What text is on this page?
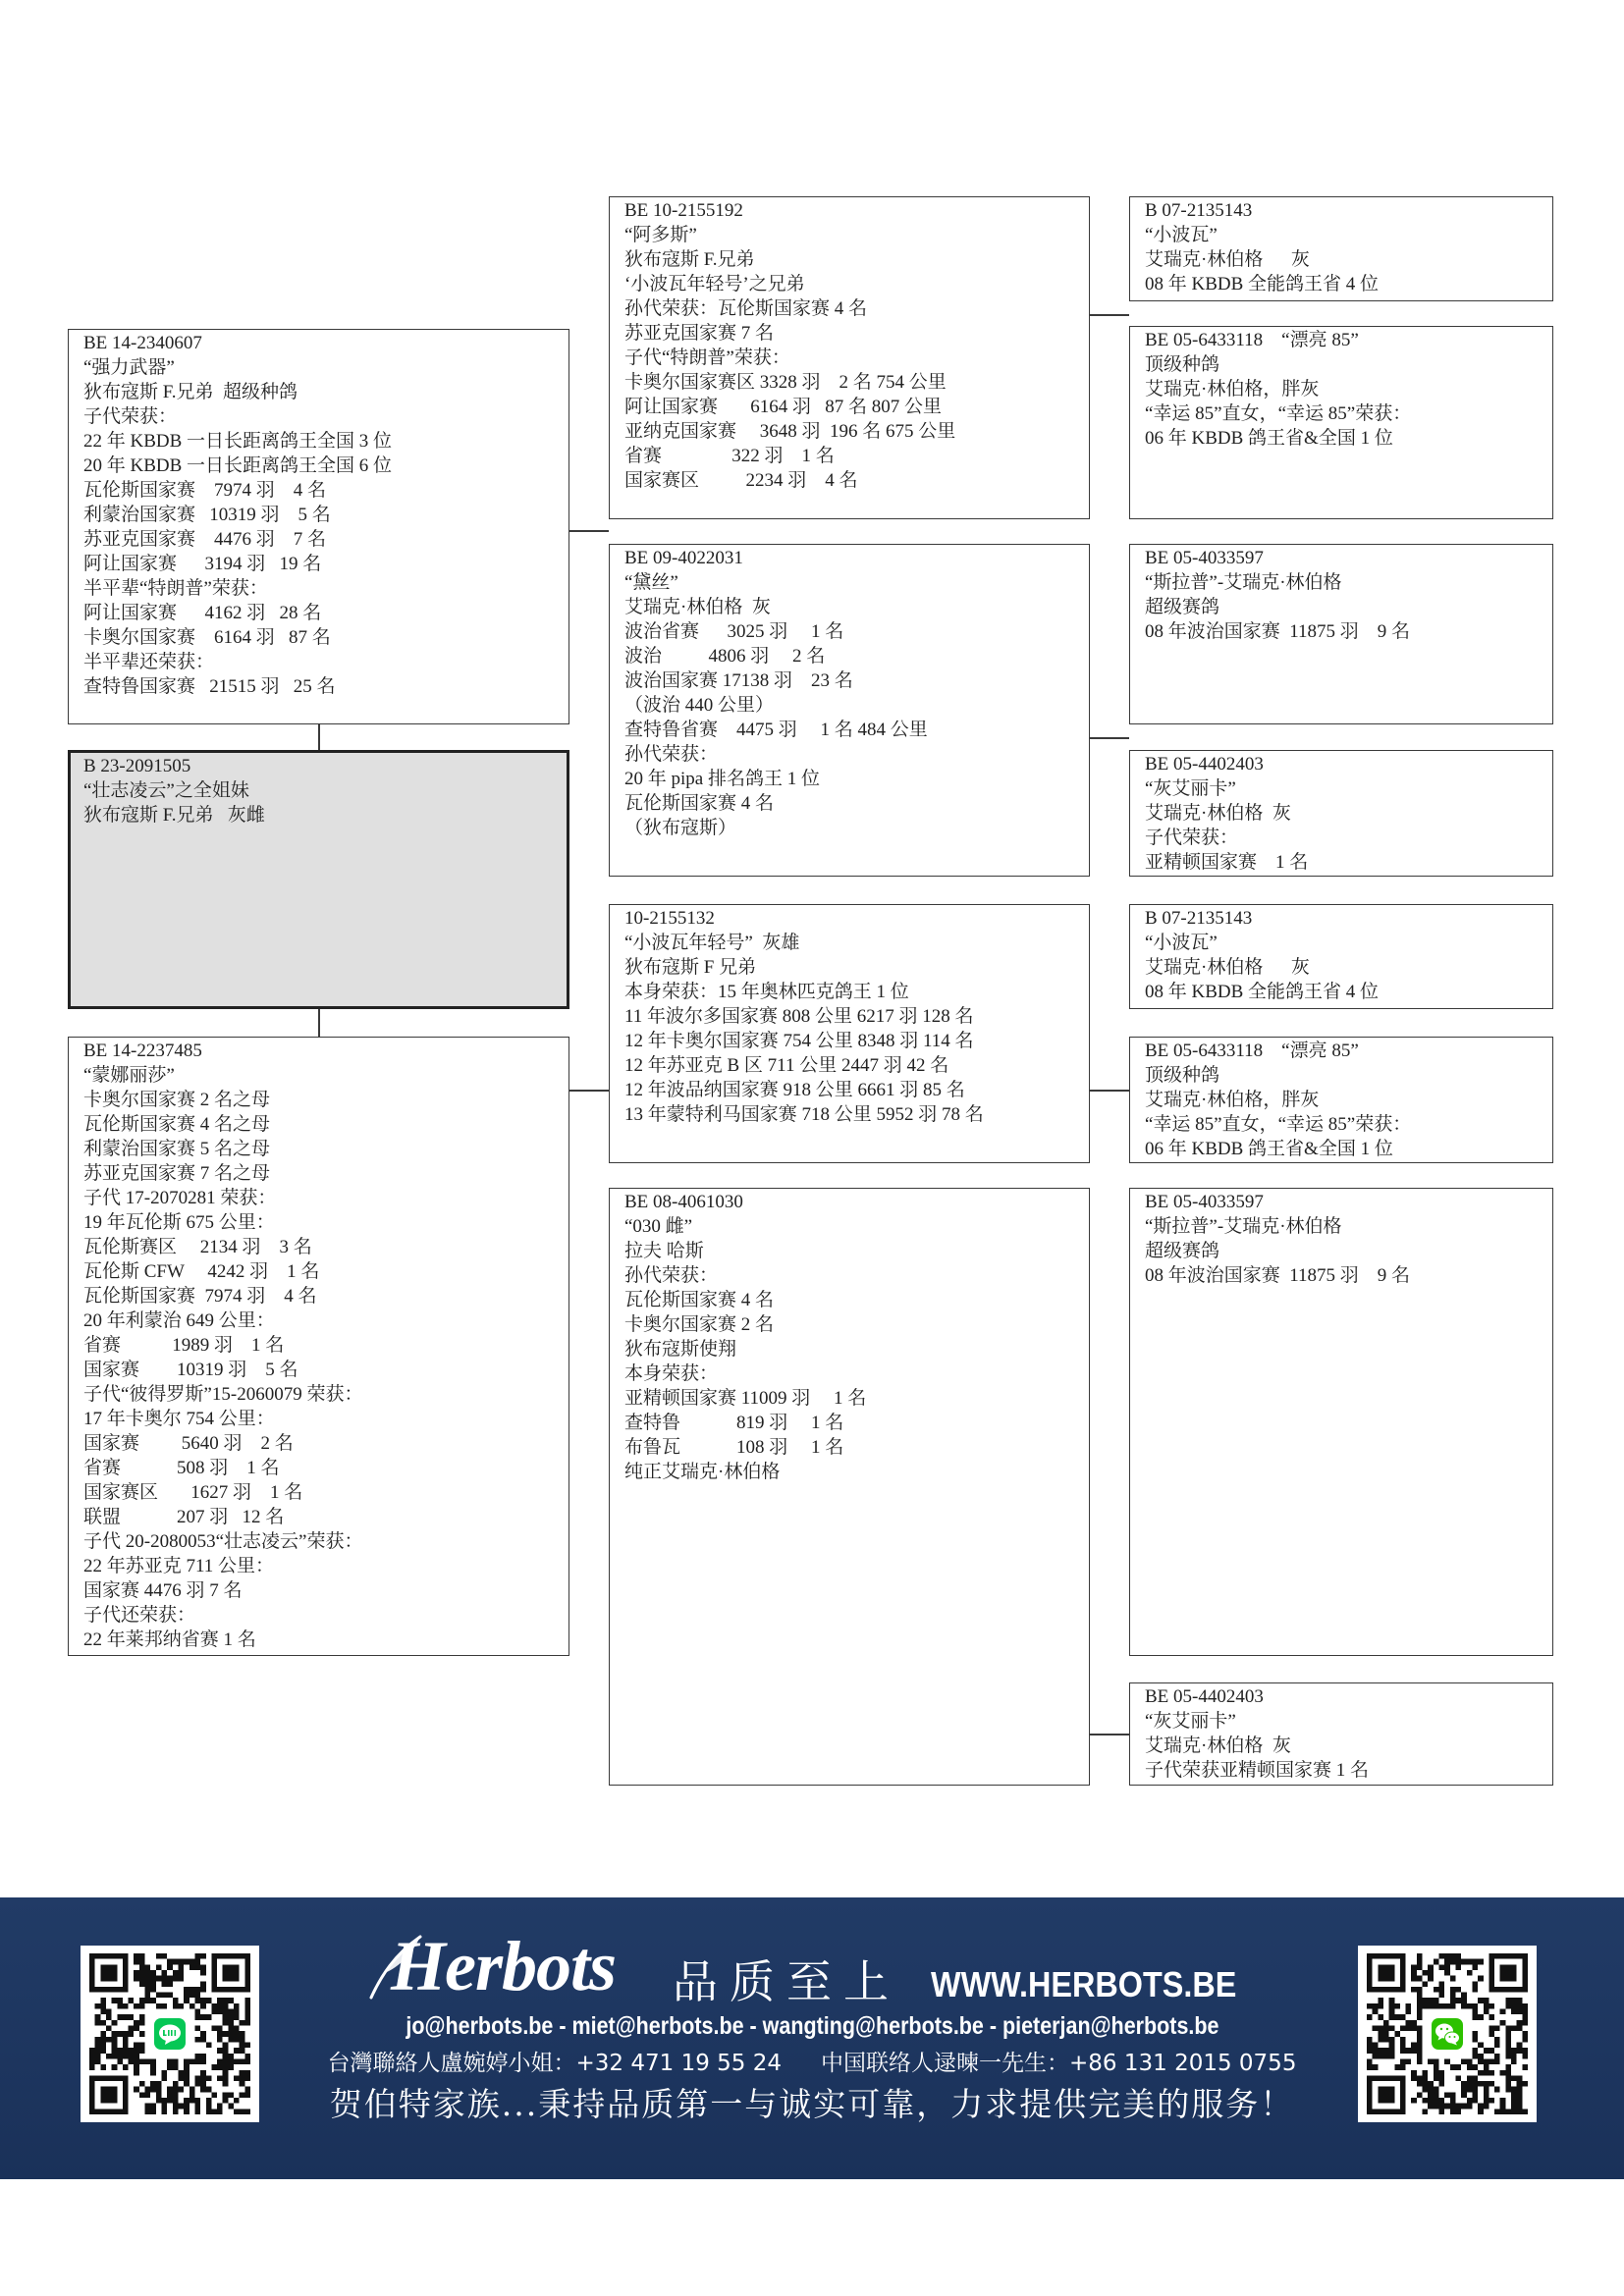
BE 14-2340607
“强力武器”
狄布寇斯 F.兄弟  超级种鸽
子代荣获：
22 年 KBDB 一日长距离鸽王全国 3 位
20 年 KBDB 一日长距离鸽王全国 6 位
瓦伦斯国家赛    7974 羽    4 名
利蒙治国家赛   10319 羽    5 名
苏亚克国家赛    4476 羽    7 名
阿让国家赛      3194 羽   19 名
半平辈“特朗普”荣获：
阿让国家赛      4162 羽   28 名
卡奥尔国家赛    6164 羽   87 名
半平辈还荣获：
查特鲁国家赛   21515 羽   25 名
B 23-2091505
“壮志凌云”之全姐妹
狄布寇斯 F.兄弟   灰雌
BE 14-2237485
“蒙娜丽莎”
卡奥尔国家赛 2 名之母
瓦伦斯国家赛 4 名之母
利蒙治国家赛 5 名之母
苏亚克国家赛 7 名之母
子代 17-2070281 荣获：
19 年瓦伦斯 675 公里：
瓦伦斯赛区     2134 羽    3 名
瓦伦斯 CFW     4242 羽    1 名
瓦伦斯国家赛  7974 羽    4 名
20 年利蒙治 649 公里：
省赛           1989 羽    1 名
国家赛        10319 羽    5 名
子代“彼得罗斯”15-2060079 荣获：
17 年卡奥尔 754 公里：
国家赛         5640 羽    2 名
省赛            508 羽    1 名
国家赛区       1627 羽    1 名
联盟            207 羽   12 名
子代 20-2080053“壮志凌云”荣获：
22 年苏亚克 711 公里：
国家赛 4476 羽 7 名
子代还荣获：
22 年莱邦纳省赛 1 名
BE 10-2155192
“阿多斯”
狄布寇斯 F.兄弟
‘小波瓦年轻号’之兄弟
孙代荣获：瓦伦斯国家赛 4 名
苏亚克国家赛 7 名
子代“特朗普”荣获：
卡奥尔国家赛区 3328 羽    2 名 754 公里
阿让国家赛       6164 羽   87 名 807 公里
亚纳克国家赛     3648 羽  196 名 675 公里
省赛               322 羽    1 名
国家赛区          2234 羽    4 名
BE 09-4022031
“黛丝”
艾瑞克·林伯格  灰
波治省赛      3025 羽     1 名
波治          4806 羽     2 名
波治国家赛 17138 羽    23 名
（波治 440 公里）
查特鲁省赛    4475 羽     1 名 484 公里
孙代荣获：
20 年 pipa 排名鸽王 1 位
瓦伦斯国家赛 4 名
（狄布寇斯）
10-2155132
“小波瓦年轻号”  灰雄
狄布寇斯 F 兄弟
本身荣获：15 年奥林匹克鸽王 1 位
11 年波尔多国家赛 808 公里 6217 羽 128 名
12 年卡奥尔国家赛 754 公里 8348 羽 114 名
12 年苏亚克 B 区 711 公里 2447 羽 42 名
12 年波品纳国家赛 918 公里 6661 羽 85 名
13 年蒙特利马国家赛 718 公里 5952 羽 78 名
BE 08-4061030
“030 雌”
拉夫 哈斯
孙代荣获：
瓦伦斯国家赛 4 名
卡奥尔国家赛 2 名
狄布寇斯使翔
本身荣获：
亚精顿国家赛 11009 羽     1 名
查特鲁            819 羽     1 名
布鲁瓦            108 羽     1 名
纯正艾瑞克·林伯格
B 07-2135143
“小波瓦”
艾瑞克·林伯格      灰
08 年 KBDB 全能鸽王省 4 位
BE 05-6433118    “漂亮 85”
顶级种鸽
艾瑞克·林伯格，胖灰
“幸运 85”直女，“幸运 85”荣获：
06 年 KBDB 鸽王省&全国 1 位
BE 05-4033597
“斯拉普”-艾瑞克·林伯格
超级赛鸽
08 年波治国家赛  11875 羽    9 名
BE 05-4402403
“灰艾丽卡”
艾瑞克·林伯格  灰
子代荣获：
亚精顿国家赛    1 名
B 07-2135143
“小波瓦”
艾瑞克·林伯格      灰
08 年 KBDB 全能鸽王省 4 位
BE 05-6433118    “漂亮 85”
顶级种鸽
艾瑞克·林伯格，胖灰
“幸运 85”直女，“幸运 85”荣获：
06 年 KBDB 鸽王省&全国 1 位
BE 05-4033597
“斯拉普”-艾瑞克·林伯格
超级赛鸽
08 年波治国家赛  11875 羽    9 名
BE 05-4402403
“灰艾丽卡”
艾瑞克·林伯格  灰
子代荣获亚精顿国家赛 1 名
Herbots 品质至上 WWW.HERBOTS.BE
jo@herbots.be - miet@herbots.be - wangting@herbots.be - pieterjan@herbots.be
台灣聯絡人盧婉婷小姐：+32 471 19 55 24 中国联络人逯暕一先生：+86 131 2015 0755
贺伯特家族...秉持品质第一与诚实可靠，力求提供完美的服务！
